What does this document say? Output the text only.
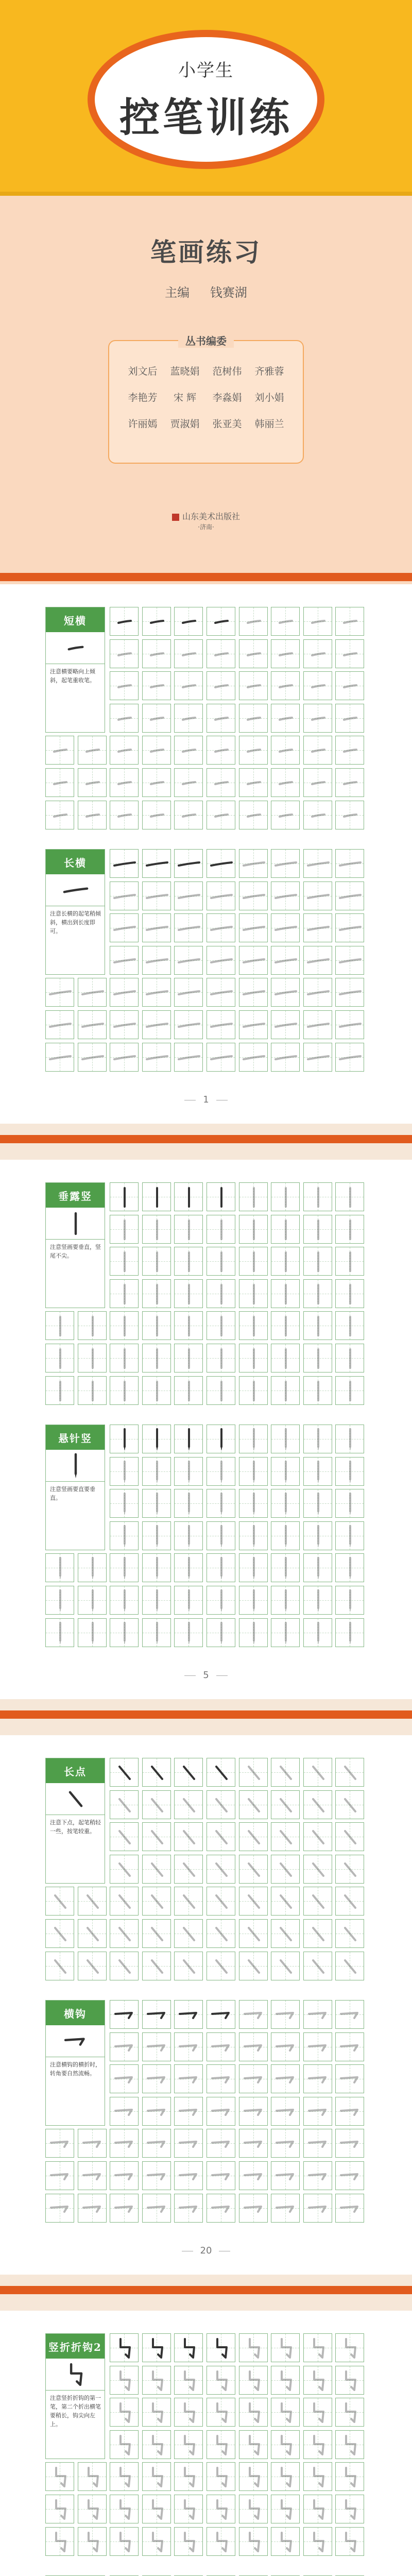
小学生
控笔训练
笔画练习
主编 钱赛湖
丛书编委
刘文后	蓝晓娟	范树伟	齐雅蓉
李艳芳	宋 辉	李淼娟	刘小娟
许丽嫣	贾淑娟	张亚美	韩丽兰
山东美术出版社
·济南·
短横
注意横要略向上倾斜，起笔重收笔。
长横
注意长横的起笔稍倾斜，横出到长度即可。
1
垂露竖
注意竖画要垂直，竖尾不尖。
悬针竖
注意竖画要直要垂直。
5
长点
注意下点，起笔稍轻一些，按笔较重。
横钩
注意横钩的横折时，转角要自然流畅。
20
竖折折钩2
注意竖折折钩的第一笔，第二个折出横笔要稍长，钩尖向左上。
